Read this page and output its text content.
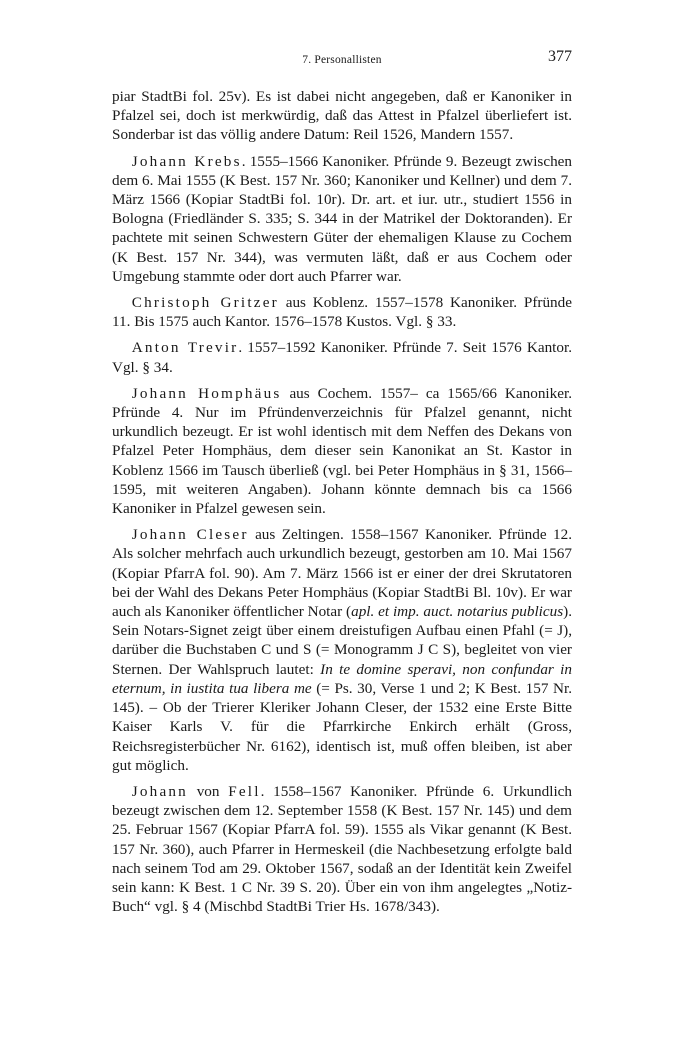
7. Personallisten	377

piar StadtBi fol. 25v). Es ist dabei nicht angegeben, daß er Kanoniker in Pfalzel sei, doch ist merkwürdig, daß das Attest in Pfalzel überliefert ist. Sonderbar ist das völlig andere Datum: Reil 1526, Mandern 1557.

Johann Krebs. 1555–1566 Kanoniker. Pfründe 9. Bezeugt zwischen dem 6. Mai 1555 (K Best. 157 Nr. 360; Kanoniker und Kellner) und dem 7. März 1566 (Kopiar StadtBi fol. 10r). Dr. art. et iur. utr., studiert 1556 in Bologna (Friedländer S. 335; S. 344 in der Matrikel der Doktoranden). Er pachtete mit seinen Schwestern Güter der ehemaligen Klause zu Cochem (K Best. 157 Nr. 344), was vermuten läßt, daß er aus Cochem oder Umgebung stammte oder dort auch Pfarrer war.

Christoph Gritzer aus Koblenz. 1557–1578 Kanoniker. Pfründe 11. Bis 1575 auch Kantor. 1576–1578 Kustos. Vgl. § 33.

Anton Trevir. 1557–1592 Kanoniker. Pfründe 7. Seit 1576 Kantor. Vgl. § 34.

Johann Homphäus aus Cochem. 1557– ca 1565/66 Kanoniker. Pfründe 4. Nur im Pfründenverzeichnis für Pfalzel genannt, nicht urkundlich bezeugt. Er ist wohl identisch mit dem Neffen des Dekans von Pfalzel Peter Homphäus, dem dieser sein Kanonikat an St. Kastor in Koblenz 1566 im Tausch überließ (vgl. bei Peter Homphäus in § 31, 1566–1595, mit weiteren Angaben). Johann könnte demnach bis ca 1566 Kanoniker in Pfalzel gewesen sein.

Johann Cleser aus Zeltingen. 1558–1567 Kanoniker. Pfründe 12. Als solcher mehrfach auch urkundlich bezeugt, gestorben am 10. Mai 1567 (Kopiar PfarrA fol. 90). Am 7. März 1566 ist er einer der drei Skrutatoren bei der Wahl des Dekans Peter Homphäus (Kopiar StadtBi Bl. 10v). Er war auch als Kanoniker öffentlicher Notar (apl. et imp. auct. notarius publicus). Sein Notars-Signet zeigt über einem dreistufigen Aufbau einen Pfahl (= J), darüber die Buchstaben C und S (= Monogramm J C S), begleitet von vier Sternen. Der Wahlspruch lautet: In te domine speravi, non confundar in eternum, in iustita tua libera me (= Ps. 30, Verse 1 und 2; K Best. 157 Nr. 145). – Ob der Trierer Kleriker Johann Cleser, der 1532 eine Erste Bitte Kaiser Karls V. für die Pfarrkirche Enkirch erhält (Gross, Reichsregisterbücher Nr. 6162), identisch ist, muß offen bleiben, ist aber gut möglich.

Johann von Fell. 1558–1567 Kanoniker. Pfründe 6. Urkundlich bezeugt zwischen dem 12. September 1558 (K Best. 157 Nr. 145) und dem 25. Februar 1567 (Kopiar PfarrA fol. 59). 1555 als Vikar genannt (K Best. 157 Nr. 360), auch Pfarrer in Hermeskeil (die Nachbesetzung erfolgte bald nach seinem Tod am 29. Oktober 1567, sodaß an der Identität kein Zweifel sein kann: K Best. 1 C Nr. 39 S. 20). Über ein von ihm angelegtes „Notiz-Buch“ vgl. § 4 (Mischbd StadtBi Trier Hs. 1678/343).
